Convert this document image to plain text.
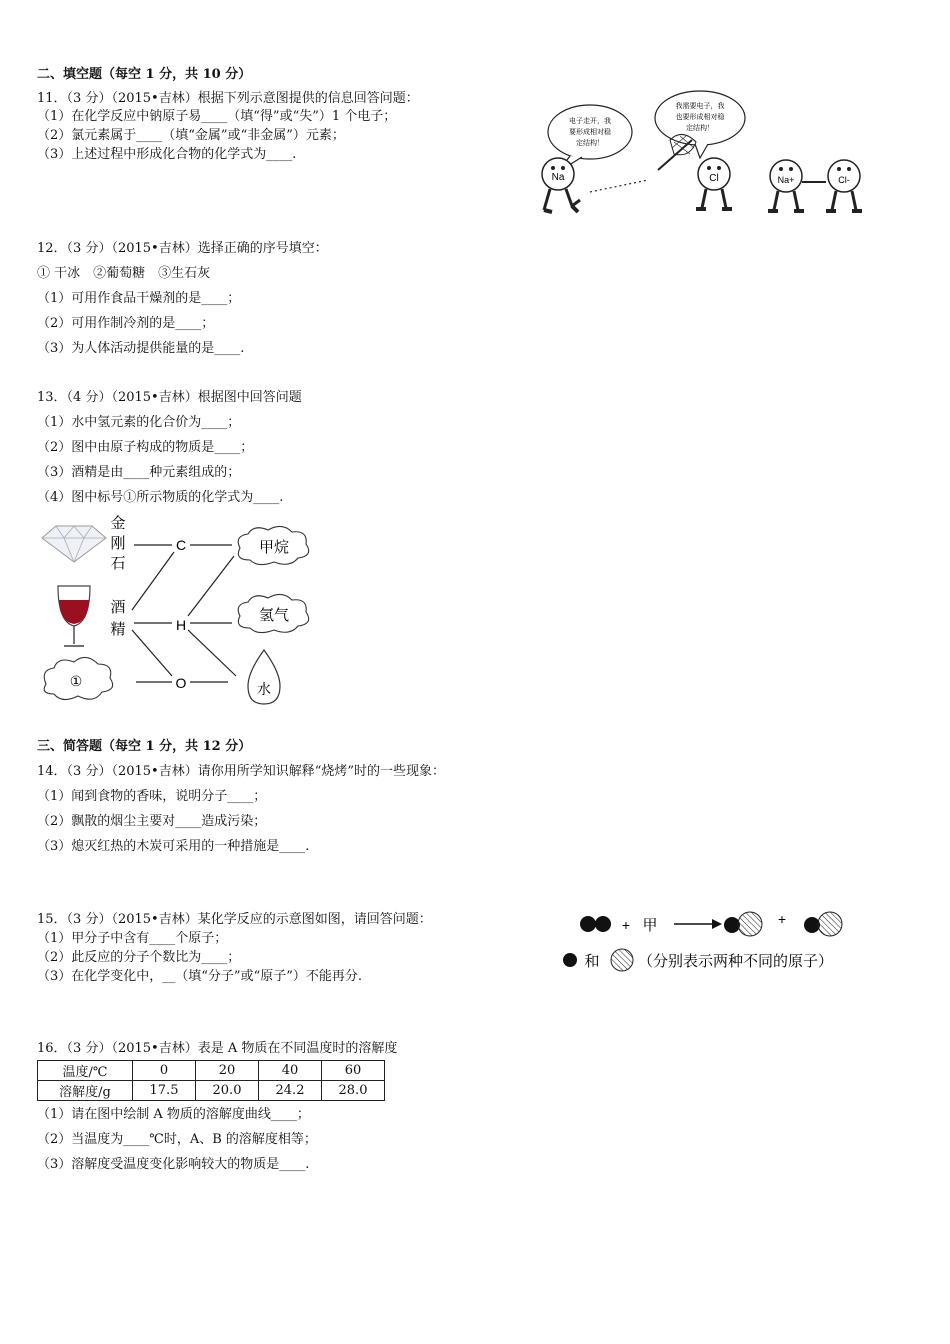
二、填空题（每空 1 分，共 10 分）
11．（3 分）（2015•吉林）根据下列示意图提供的信息回答问题：
（1）在化学反应中钠原子易____（填“得”或“失”）1 个电子；
（2）氯元素属于____（填“金属”或“非金属”）元素；
（3）上述过程中形成化合物的化学式为____.
电子走开，我
要形成相对稳
定结构！
我需要电子，我
也要形成相对稳
定结构！
Na	Cl	Na+	Cl-
12．（3 分）（2015•吉林）选择正确的序号填空：
① 干冰　②葡萄糖　③生石灰
（1）可用作食品干燥剂的是____；
（2）可用作制冷剂的是____；
（3）为人体活动提供能量的是____.
13．（4 分）（2015•吉林）根据图中回答问题
（1）水中氢元素的化合价为____；
（2）图中由原子构成的物质是____；
（3）酒精是由____种元素组成的；
（4）图中标号①所示物质的化学式为____.
金
刚
石
酒
精
①
C
H
O
甲烷
氢气
水
三、简答题（每空 1 分，共 12 分）
14．（3 分）（2015•吉林）请你用所学知识解释“烧烤”时的一些现象：
（1）闻到食物的香味，说明分子____；
（2）飘散的烟尘主要对____造成污染；
（3）熄灭红热的木炭可采用的一种措施是____.
15．（3 分）（2015•吉林）某化学反应的示意图如图，请回答问题：
（1）甲分子中含有____个原子；
（2）此反应的分子个数比为____；
（3）在化学变化中，__（填“分子”或“原子”）不能再分.
+ 甲	+
和	（分别表示两种不同的原子）
16．（3 分）（2015•吉林）表是 A 物质在不同温度时的溶解度
温度/℃	0	20	40	60
溶解度/g	17.5	20.0	24.2	28.0
（1）请在图中绘制 A 物质的溶解度曲线____；
（2）当温度为____℃时，A、B 的溶解度相等；
（3）溶解度受温度变化影响较大的物质是____.
